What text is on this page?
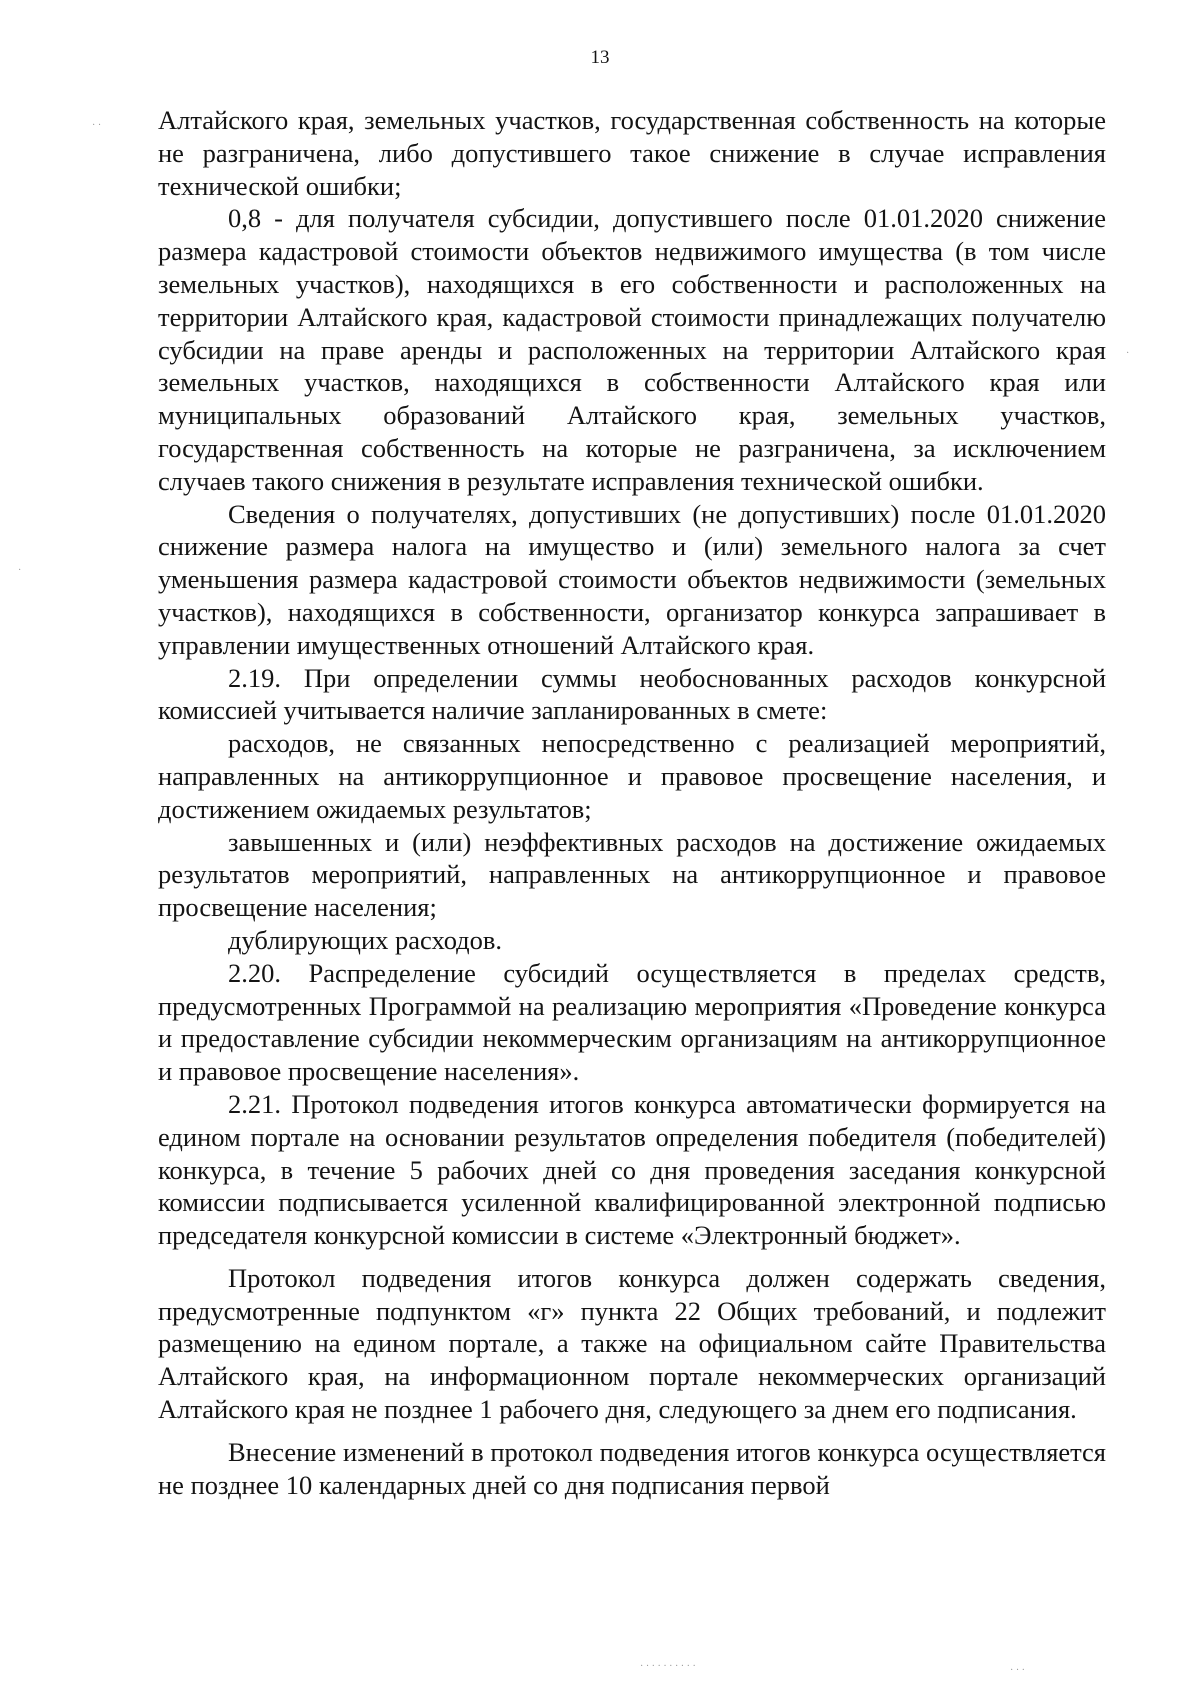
13

Алтайского края, земельных участков, государственная собственность на которые не разграничена, либо допустившего такое снижение в случае исправления технической ошибки;

0,8 - для получателя субсидии, допустившего после 01.01.2020 снижение размера кадастровой стоимости объектов недвижимого имущества (в том числе земельных участков), находящихся в его собственности и расположенных на территории Алтайского края, кадастровой стоимости принадлежащих получателю субсидии на праве аренды и расположенных на территории Алтайского края земельных участков, находящихся в собственности Алтайского края или муниципальных образований Алтайского края, земельных участков, государственная собственность на которые не разграничена, за исключением случаев такого снижения в результате исправления технической ошибки.

Сведения о получателях, допустивших (не допустивших) после 01.01.2020 снижение размера налога на имущество и (или) земельного налога за счет уменьшения размера кадастровой стоимости объектов недвижимости (земельных участков), находящихся в собственности, организатор конкурса запрашивает в управлении имущественных отношений Алтайского края.

2.19. При определении суммы необоснованных расходов конкурсной комиссией учитывается наличие запланированных в смете:

расходов, не связанных непосредственно с реализацией мероприятий, направленных на антикоррупционное и правовое просвещение населения, и достижением ожидаемых результатов;

завышенных и (или) неэффективных расходов на достижение ожидаемых результатов мероприятий, направленных на антикоррупционное и правовое просвещение населения;

дублирующих расходов.

2.20. Распределение субсидий осуществляется в пределах средств, предусмотренных Программой на реализацию мероприятия «Проведение конкурса и предоставление субсидии некоммерческим организациям на антикоррупционное и правовое просвещение населения».

2.21. Протокол подведения итогов конкурса автоматически формируется на едином портале на основании результатов определения победителя (победителей) конкурса, в течение 5 рабочих дней со дня проведения заседания конкурсной комиссии подписывается усиленной квалифицированной электронной подписью председателя конкурсной комиссии в системе «Электронный бюджет».

Протокол подведения итогов конкурса должен содержать сведения, предусмотренные подпунктом «г» пункта 22 Общих требований, и подлежит размещению на едином портале, а также на официальном сайте Правительства Алтайского края, на информационном портале некоммерческих организаций Алтайского края не позднее 1 рабочего дня, следующего за днем его подписания.

Внесение изменений в протокол подведения итогов конкурса осуществляется не позднее 10 календарных дней со дня подписания первой

· ·
·
·
· · · · · · · · · ·	· · ·
